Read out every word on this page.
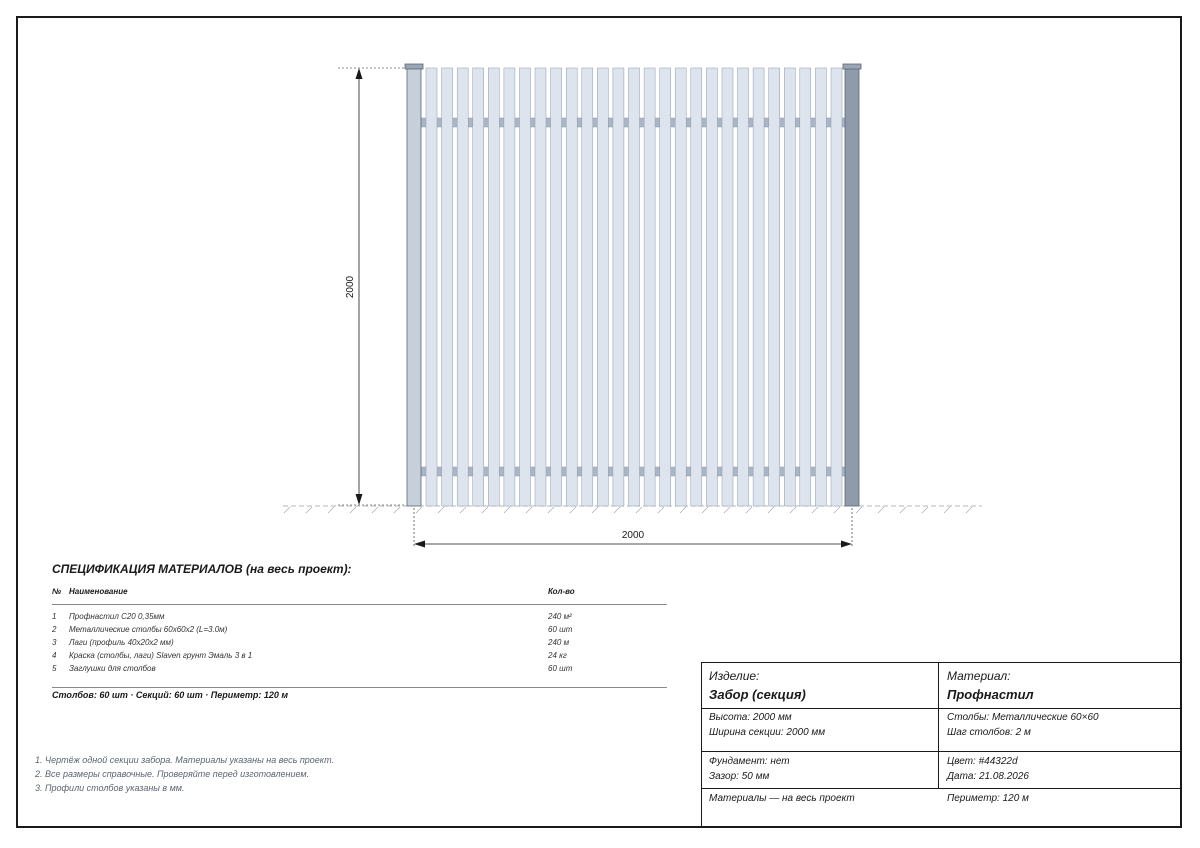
2000
2000
СПЕЦИФИКАЦИЯ МАТЕРИАЛОВ (на весь проект):
№ Наименование	Кол-во
1 Профнастил С20 0,35мм	240 м²
2 Металлические столбы 60x60x2 (L=3.0м)	60 шт
3 Лаги (профиль 40x20x2 мм)	240 м
4 Краска (столбы, лаги) Slaven грунт Эмаль 3 в 1	24 кг
5 Заглушки для столбов	60 шт
Столбов: 60 шт · Секций: 60 шт · Периметр: 120 м
1. Чертёж одной секции забора. Материалы указаны на весь проект.
2. Все размеры справочные. Проверяйте перед изготовлением.
3. Профили столбов указаны в мм.
Изделие:
Забор (секция)
Материал:
Профнастил
Высота: 2000 мм
Ширина секции: 2000 мм
Столбы: Металлические 60×60
Шаг столбов: 2 м
Фундамент: нет
Зазор: 50 мм
Цвет: #44322d
Дата: 21.08.2026
Материалы — на весь проект	Периметр: 120 м
